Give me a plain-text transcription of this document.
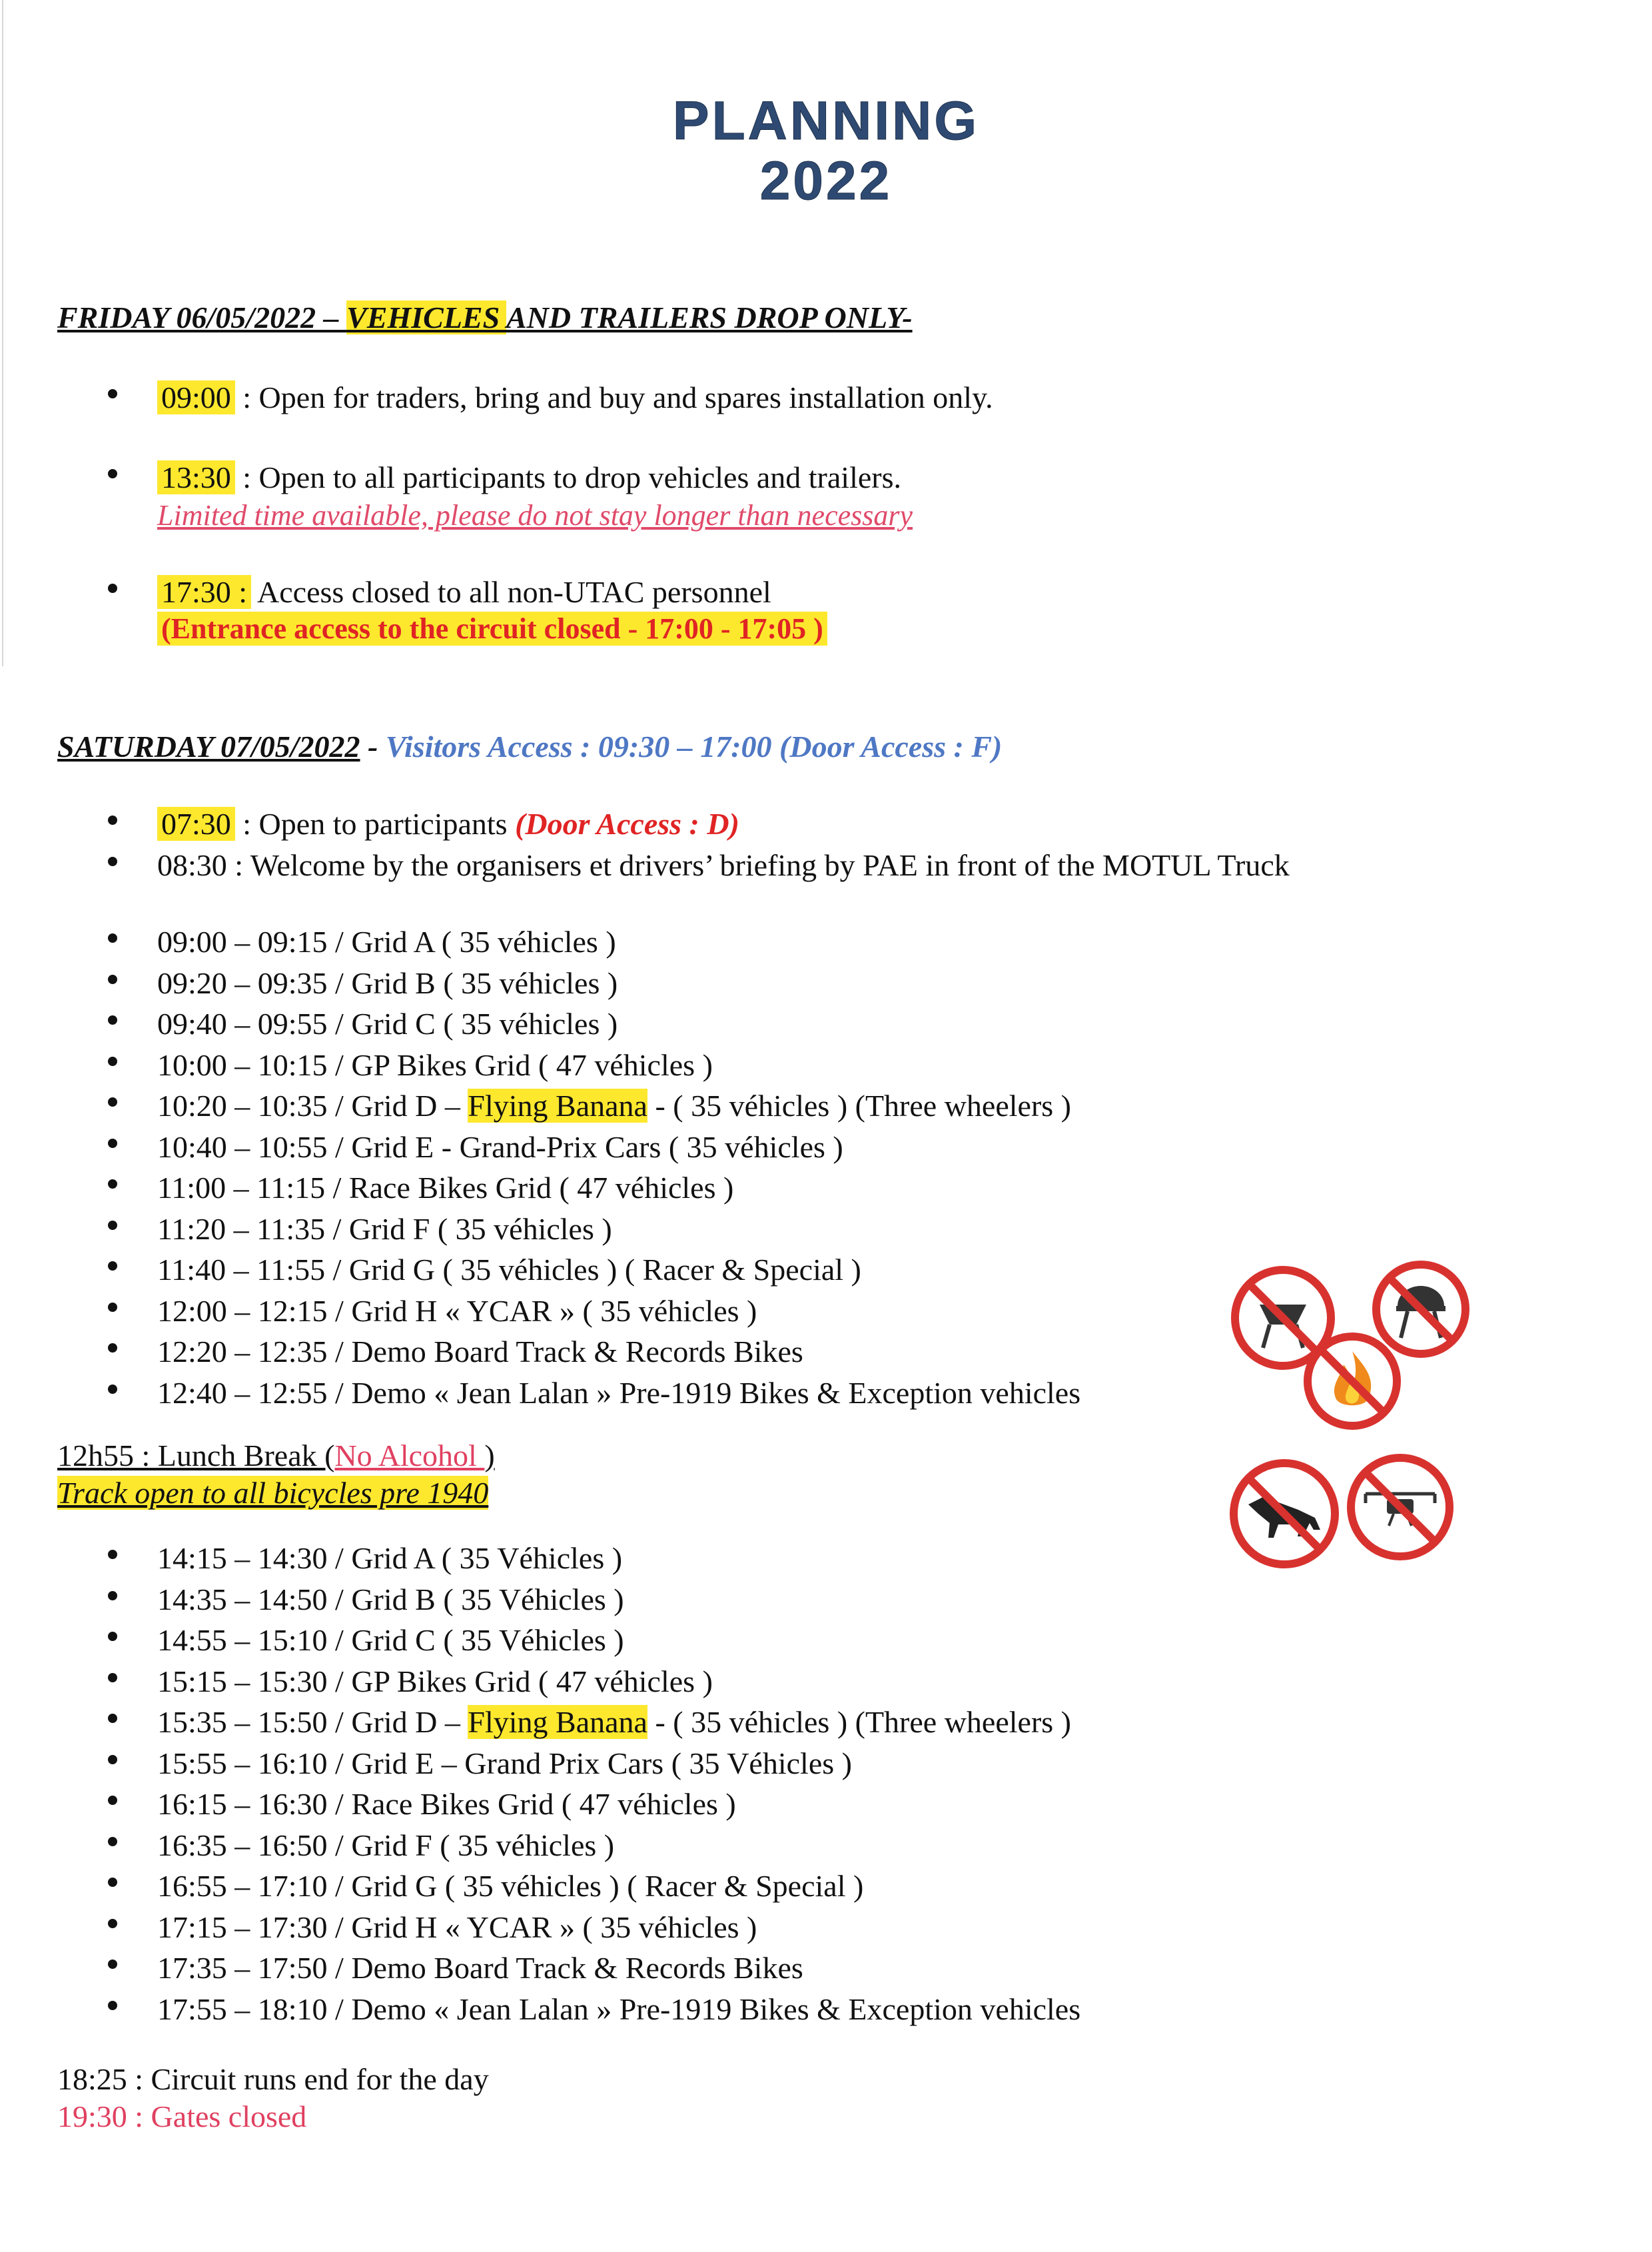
PLANNING
2022
FRIDAY 06/05/2022 – VEHICLES AND TRAILERS DROP ONLY-
09:00 : Open for traders, bring and buy and spares installation only.
13:30 : Open to all participants to drop vehicles and trailers.
Limited time available, please do not stay longer than necessary
17:30 : Access closed to all non-UTAC personnel
(Entrance access to the circuit closed - 17:00 - 17:05 )
SATURDAY 07/05/2022 - Visitors Access : 09:30 – 17:00 (Door Access : F)
07:30 : Open to participants (Door Access : D)
08:30 : Welcome by the organisers et drivers’ briefing by PAE in front of the MOTUL Truck
09:00 – 09:15 / Grid A ( 35 véhicles )
09:20 – 09:35 / Grid B ( 35 véhicles )
09:40 – 09:55 / Grid C ( 35 véhicles )
10:00 – 10:15 / GP Bikes Grid ( 47 véhicles )
10:20 – 10:35 / Grid D – Flying Banana - ( 35 véhicles ) (Three wheelers )
10:40 – 10:55 / Grid E - Grand-Prix Cars ( 35 véhicles )
11:00 – 11:15 / Race Bikes Grid ( 47 véhicles )
11:20 – 11:35 / Grid F ( 35 véhicles )
11:40 – 11:55 / Grid G ( 35 véhicles ) ( Racer & Special )
12:00 – 12:15 / Grid H « YCAR » ( 35 véhicles )
12:20 – 12:35 / Demo Board Track & Records Bikes
12:40 – 12:55 / Demo « Jean Lalan » Pre-1919 Bikes & Exception vehicles
12h55 : Lunch Break (No Alcohol )
Track open to all bicycles pre 1940
14:15 – 14:30 / Grid A ( 35 Véhicles )
14:35 – 14:50 / Grid B ( 35 Véhicles )
14:55 – 15:10 / Grid C ( 35 Véhicles )
15:15 – 15:30 / GP Bikes Grid ( 47 véhicles )
15:35 – 15:50 / Grid D – Flying Banana - ( 35 véhicles ) (Three wheelers )
15:55 – 16:10 / Grid E – Grand Prix Cars ( 35 Véhicles )
16:15 – 16:30 / Race Bikes Grid ( 47 véhicles )
16:35 – 16:50 / Grid F ( 35 véhicles )
16:55 – 17:10 / Grid G ( 35 véhicles ) ( Racer & Special )
17:15 – 17:30 / Grid H « YCAR » ( 35 véhicles )
17:35 – 17:50 / Demo Board Track & Records Bikes
17:55 – 18:10 / Demo « Jean Lalan » Pre-1919 Bikes & Exception vehicles
18:25 : Circuit runs end for the day
19:30 : Gates closed
